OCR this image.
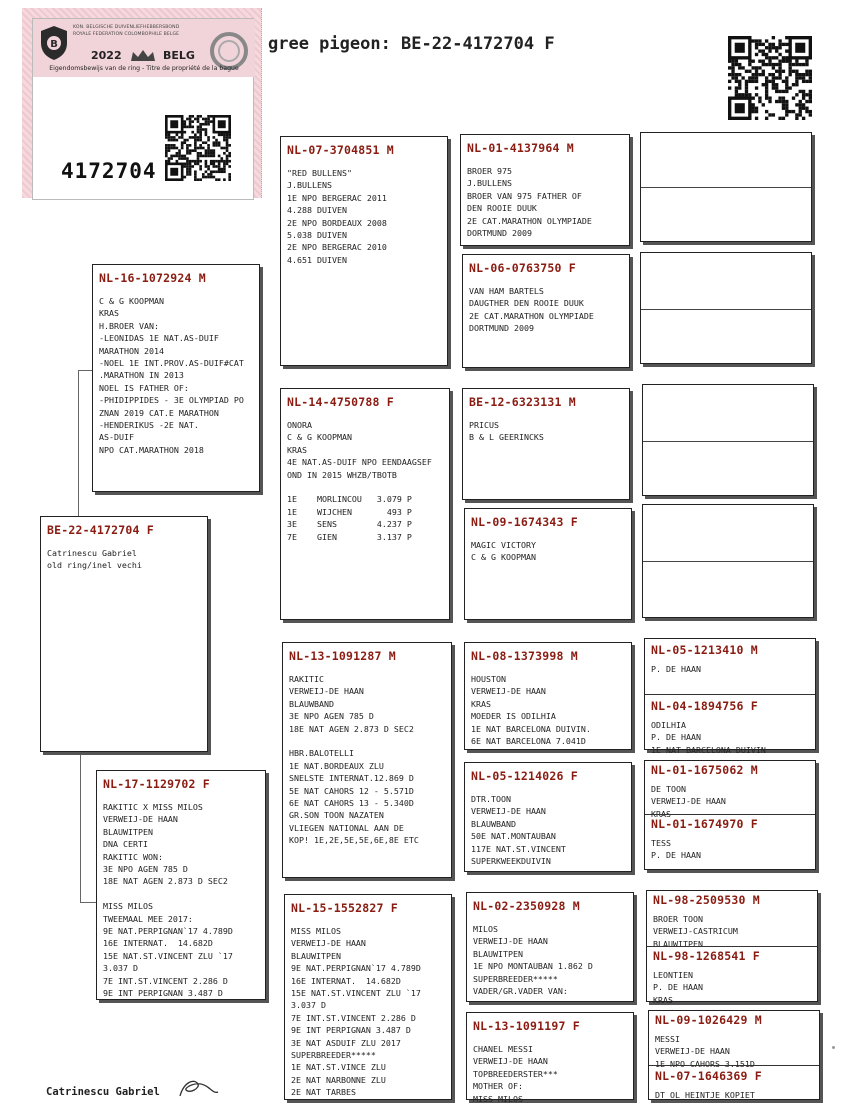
B
KON. BELGISCHE DUIVENLIEFHEBBERSBOND
ROYALE FEDERATION COLOMBOPHILE BELGE
2022	BELG
Eigendomsbewijs van de ring - Titre de propriété de la bague
4172704
gree pigeon: BE-22-4172704 F
BE-22-4172704 F
Catrinescu Gabriel
old ring/inel vechi
NL-16-1072924 M
C & G KOOPMAN
KRAS
H.BROER VAN:
-LEONIDAS 1E NAT.AS-DUIF
MARATHON 2014
-NOEL 1E INT.PROV.AS-DUIF#CAT
.MARATHON IN 2013
NOEL IS FATHER OF:
-PHIDIPPIDES - 3E OLYMPIAD PO
ZNAN 2019 CAT.E MARATHON
-HENDERIKUS -2E NAT.
AS-DUIF
NPO CAT.MARATHON 2018
NL-17-1129702 F
RAKITIC X MISS MILOS
VERWEIJ-DE HAAN
BLAUWITPEN
DNA CERTI
RAKITIC WON:
3E NPO AGEN 785 D
18E NAT AGEN 2.873 D SEC2

MISS MILOS
TWEEMAAL MEE 2017:
9E NAT.PERPIGNAN`17 4.789D
16E INTERNAT.  14.682D
15E NAT.ST.VINCENT ZLU `17
3.037 D
7E INT.ST.VINCENT 2.286 D
9E INT PERPIGNAN 3.487 D
NL-07-3704851 M
"RED BULLENS"
J.BULLENS
1E NPO BERGERAC 2011
4.288 DUIVEN
2E NPO BORDEAUX 2008
5.038 DUIVEN
2E NPO BERGERAC 2010
4.651 DUIVEN
NL-14-4750788 F
ONORA
C & G KOOPMAN
KRAS
4E NAT.AS-DUIF NPO EENDAAGSEF
OND IN 2015 WHZB/TBOTB

1E    MORLINCOU   3.079 P
1E    WIJCHEN       493 P
3E    SENS        4.237 P
7E    GIEN        3.137 P
NL-13-1091287 M
RAKITIC
VERWEIJ-DE HAAN
BLAUWBAND
3E NPO AGEN 785 D
18E NAT AGEN 2.873 D SEC2

HBR.BALOTELLI
1E NAT.BORDEAUX ZLU
SNELSTE INTERNAT.12.869 D
5E NAT CAHORS 12 - 5.571D
6E NAT CAHORS 13 - 5.340D
GR.SON TOON NAZATEN
VLIEGEN NATIONAL AAN DE
KOP! 1E,2E,5E,5E,6E,8E ETC
NL-15-1552827 F
MISS MILOS
VERWEIJ-DE HAAN
BLAUWITPEN
9E NAT.PERPIGNAN`17 4.789D
16E INTERNAT.  14.682D
15E NAT.ST.VINCENT ZLU `17
3.037 D
7E INT.ST.VINCENT 2.286 D
9E INT PERPIGNAN 3.487 D
3E NAT ASDUIF ZLU 2017
SUPERBREEDER*****
1E NAT.ST.VINCE ZLU
2E NAT NARBONNE ZLU
2E NAT TARBES
NL-01-4137964 M
BROER 975
J.BULLENS
BROER VAN 975 FATHER OF
DEN ROOIE DUUK
2E CAT.MARATHON OLYMPIADE
DORTMUND 2009
NL-06-0763750 F
VAN HAM BARTELS
DAUGTHER DEN ROOIE DUUK
2E CAT.MARATHON OLYMPIADE
DORTMUND 2009
BE-12-6323131 M
PRICUS
B & L GEERINCKS
NL-09-1674343 F
MAGIC VICTORY
C & G KOOPMAN
NL-08-1373998 M
HOUSTON
VERWEIJ-DE HAAN
KRAS
MOEDER IS ODILHIA
1E NAT BARCELONA DUIVIN.
6E NAT BARCELONA 7.041D
NL-05-1214026 F
DTR.TOON
VERWEIJ-DE HAAN
BLAUWBAND
50E NAT.MONTAUBAN
117E NAT.ST.VINCENT
SUPERKWEEKDUIVIN
NL-02-2350928 M
MILOS
VERWEIJ-DE HAAN
BLAUWITPEN
1E NPO MONTAUBAN 1.862 D
SUPERBREEDER*****
VADER/GR.VADER VAN:
NL-13-1091197 F
CHANEL MESSI
VERWEIJ-DE HAAN
TOPBREEDERSTER***
MOTHER OF:
MISS MILOS
NL-05-1213410 M
P. DE HAAN
NL-04-1894756 F
ODILHIA
P. DE HAAN
1E NAT BARCELONA DUIVIN
NL-01-1675062 M
DE TOON
VERWEIJ-DE HAAN
KRAS
NL-01-1674970 F
TESS
P. DE HAAN
NL-98-2509530 M
BROER TOON
VERWEIJ-CASTRICUM
BLAUWITPEN
NL-98-1268541 F
LEONTIEN
P. DE HAAN
KRAS
NL-09-1026429 M
MESSI
VERWEIJ-DE HAAN
1E NPO CAHORS 3.151D
NL-07-1646369 F
DT OL HEINTJE KOPIET
Catrinescu Gabriel
